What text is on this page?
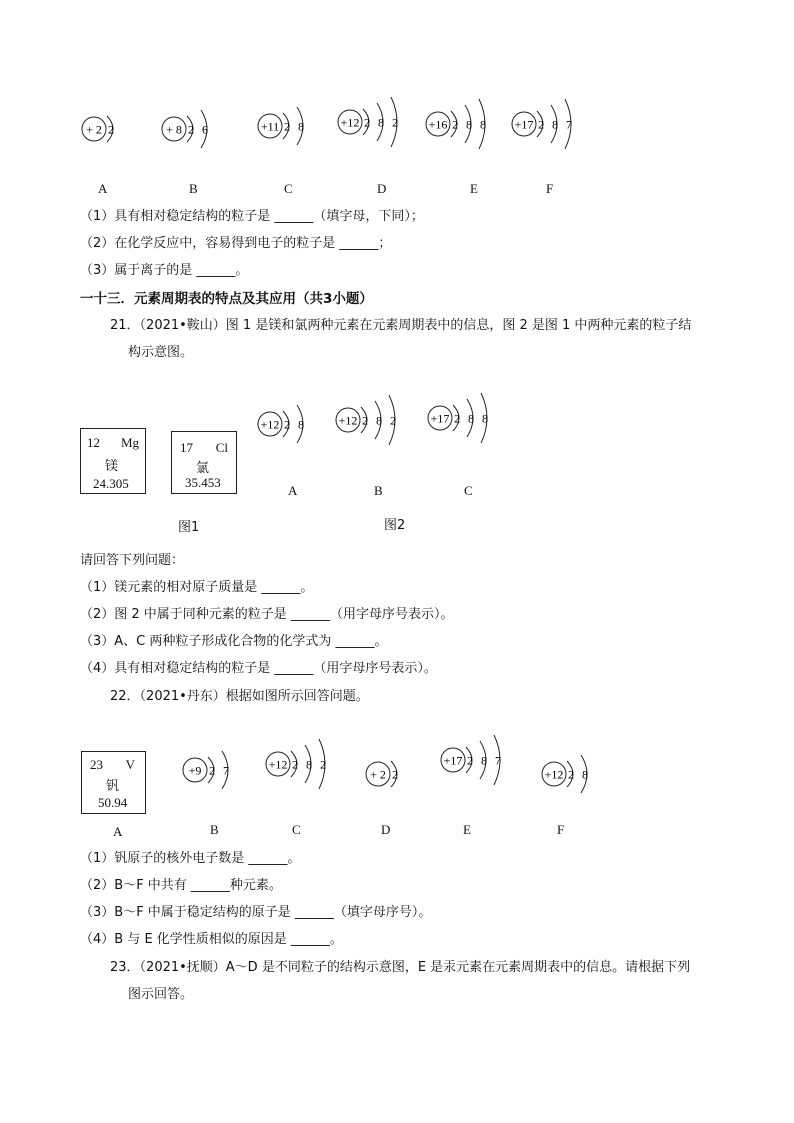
+ 2 2	+ 8 2 6	+11 2 8	+12 2 8 2	+16 2 8 8 +17 2 8 7
A	B	C	D	E	F
（1）具有相对稳定结构的粒子是 ______（填字母，下同）；
（2）在化学反应中，容易得到电子的粒子是 ______；
（3）属于离子的是 ______。
一十三．元素周期表的特点及其应用（共3小题）
21．（2021•鞍山）图 1 是镁和氯两种元素在元素周期表中的信息，图 2 是图 1 中两种元素的粒子结
构示意图。
12 Mg
镁
24.305
17 Cl
氯
35.453
+12 2 8	+12 2 8 2	+17 2 8 8
A	B	C
图1	图2
请回答下列问题：
（1）镁元素的相对原子质量是 ______。
（2）图 2 中属于同种元素的粒子是 ______（用字母序号表示）。
（3）A、C 两种粒子形成化合物的化学式为 ______。
（4）具有相对稳定结构的粒子是 ______（用字母序号表示）。
22．（2021•丹东）根据如图所示回答问题。
23 V
钒
50.94
A
+9 2 7	+12 2 8 2
+ 2 2
+17 2 8 7
+12 2 8
B	C	D	E	F
（1）钒原子的核外电子数是 ______。
（2）B～F 中共有 ______种元素。
（3）B～F 中属于稳定结构的原子是 ______（填字母序号）。
（4）B 与 E 化学性质相似的原因是 ______。
23．（2021•抚顺）A～D 是不同粒子的结构示意图，E 是汞元素在元素周期表中的信息。请根据下列
图示回答。
